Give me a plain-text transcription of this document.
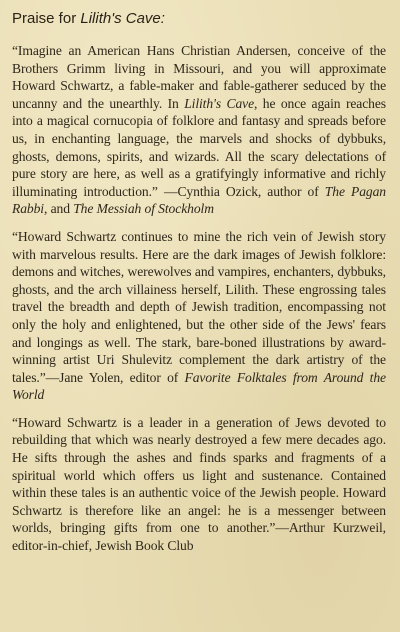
Praise for Lilith's Cave:

“Imagine an American Hans Christian Andersen, conceive of the Brothers Grimm living in Missouri, and you will approximate Howard Schwartz, a fable-maker and fable-gatherer seduced by the uncanny and the unearthly. In Lilith's Cave, he once again reaches into a magical cornucopia of folklore and fantasy and spreads before us, in enchanting language, the marvels and shocks of dybbuks, ghosts, demons, spirits, and wizards. All the scary delectations of pure story are here, as well as a gratifyingly informative and richly illuminating introduction.” —Cynthia Ozick, author of The Pagan Rabbi, and The Messiah of Stockholm

“Howard Schwartz continues to mine the rich vein of Jewish story with marvelous results. Here are the dark images of Jewish folklore: demons and witches, werewolves and vampires, enchanters, dybbuks, ghosts, and the arch villainess herself, Lilith. These engrossing tales travel the breadth and depth of Jewish tradition, encompassing not only the holy and enlightened, but the other side of the Jews' fears and longings as well. The stark, bare-boned illustrations by award-winning artist Uri Shulevitz complement the dark artistry of the tales.”—Jane Yolen, editor of Favorite Folktales from Around the World

“Howard Schwartz is a leader in a generation of Jews devoted to rebuilding that which was nearly destroyed a few mere decades ago. He sifts through the ashes and finds sparks and fragments of a spiritual world which offers us light and sustenance. Contained within these tales is an authentic voice of the Jewish people. Howard Schwartz is therefore like an angel: he is a messenger between worlds, bringing gifts from one to another.”—Arthur Kurzweil, editor-in-chief, Jewish Book Club
